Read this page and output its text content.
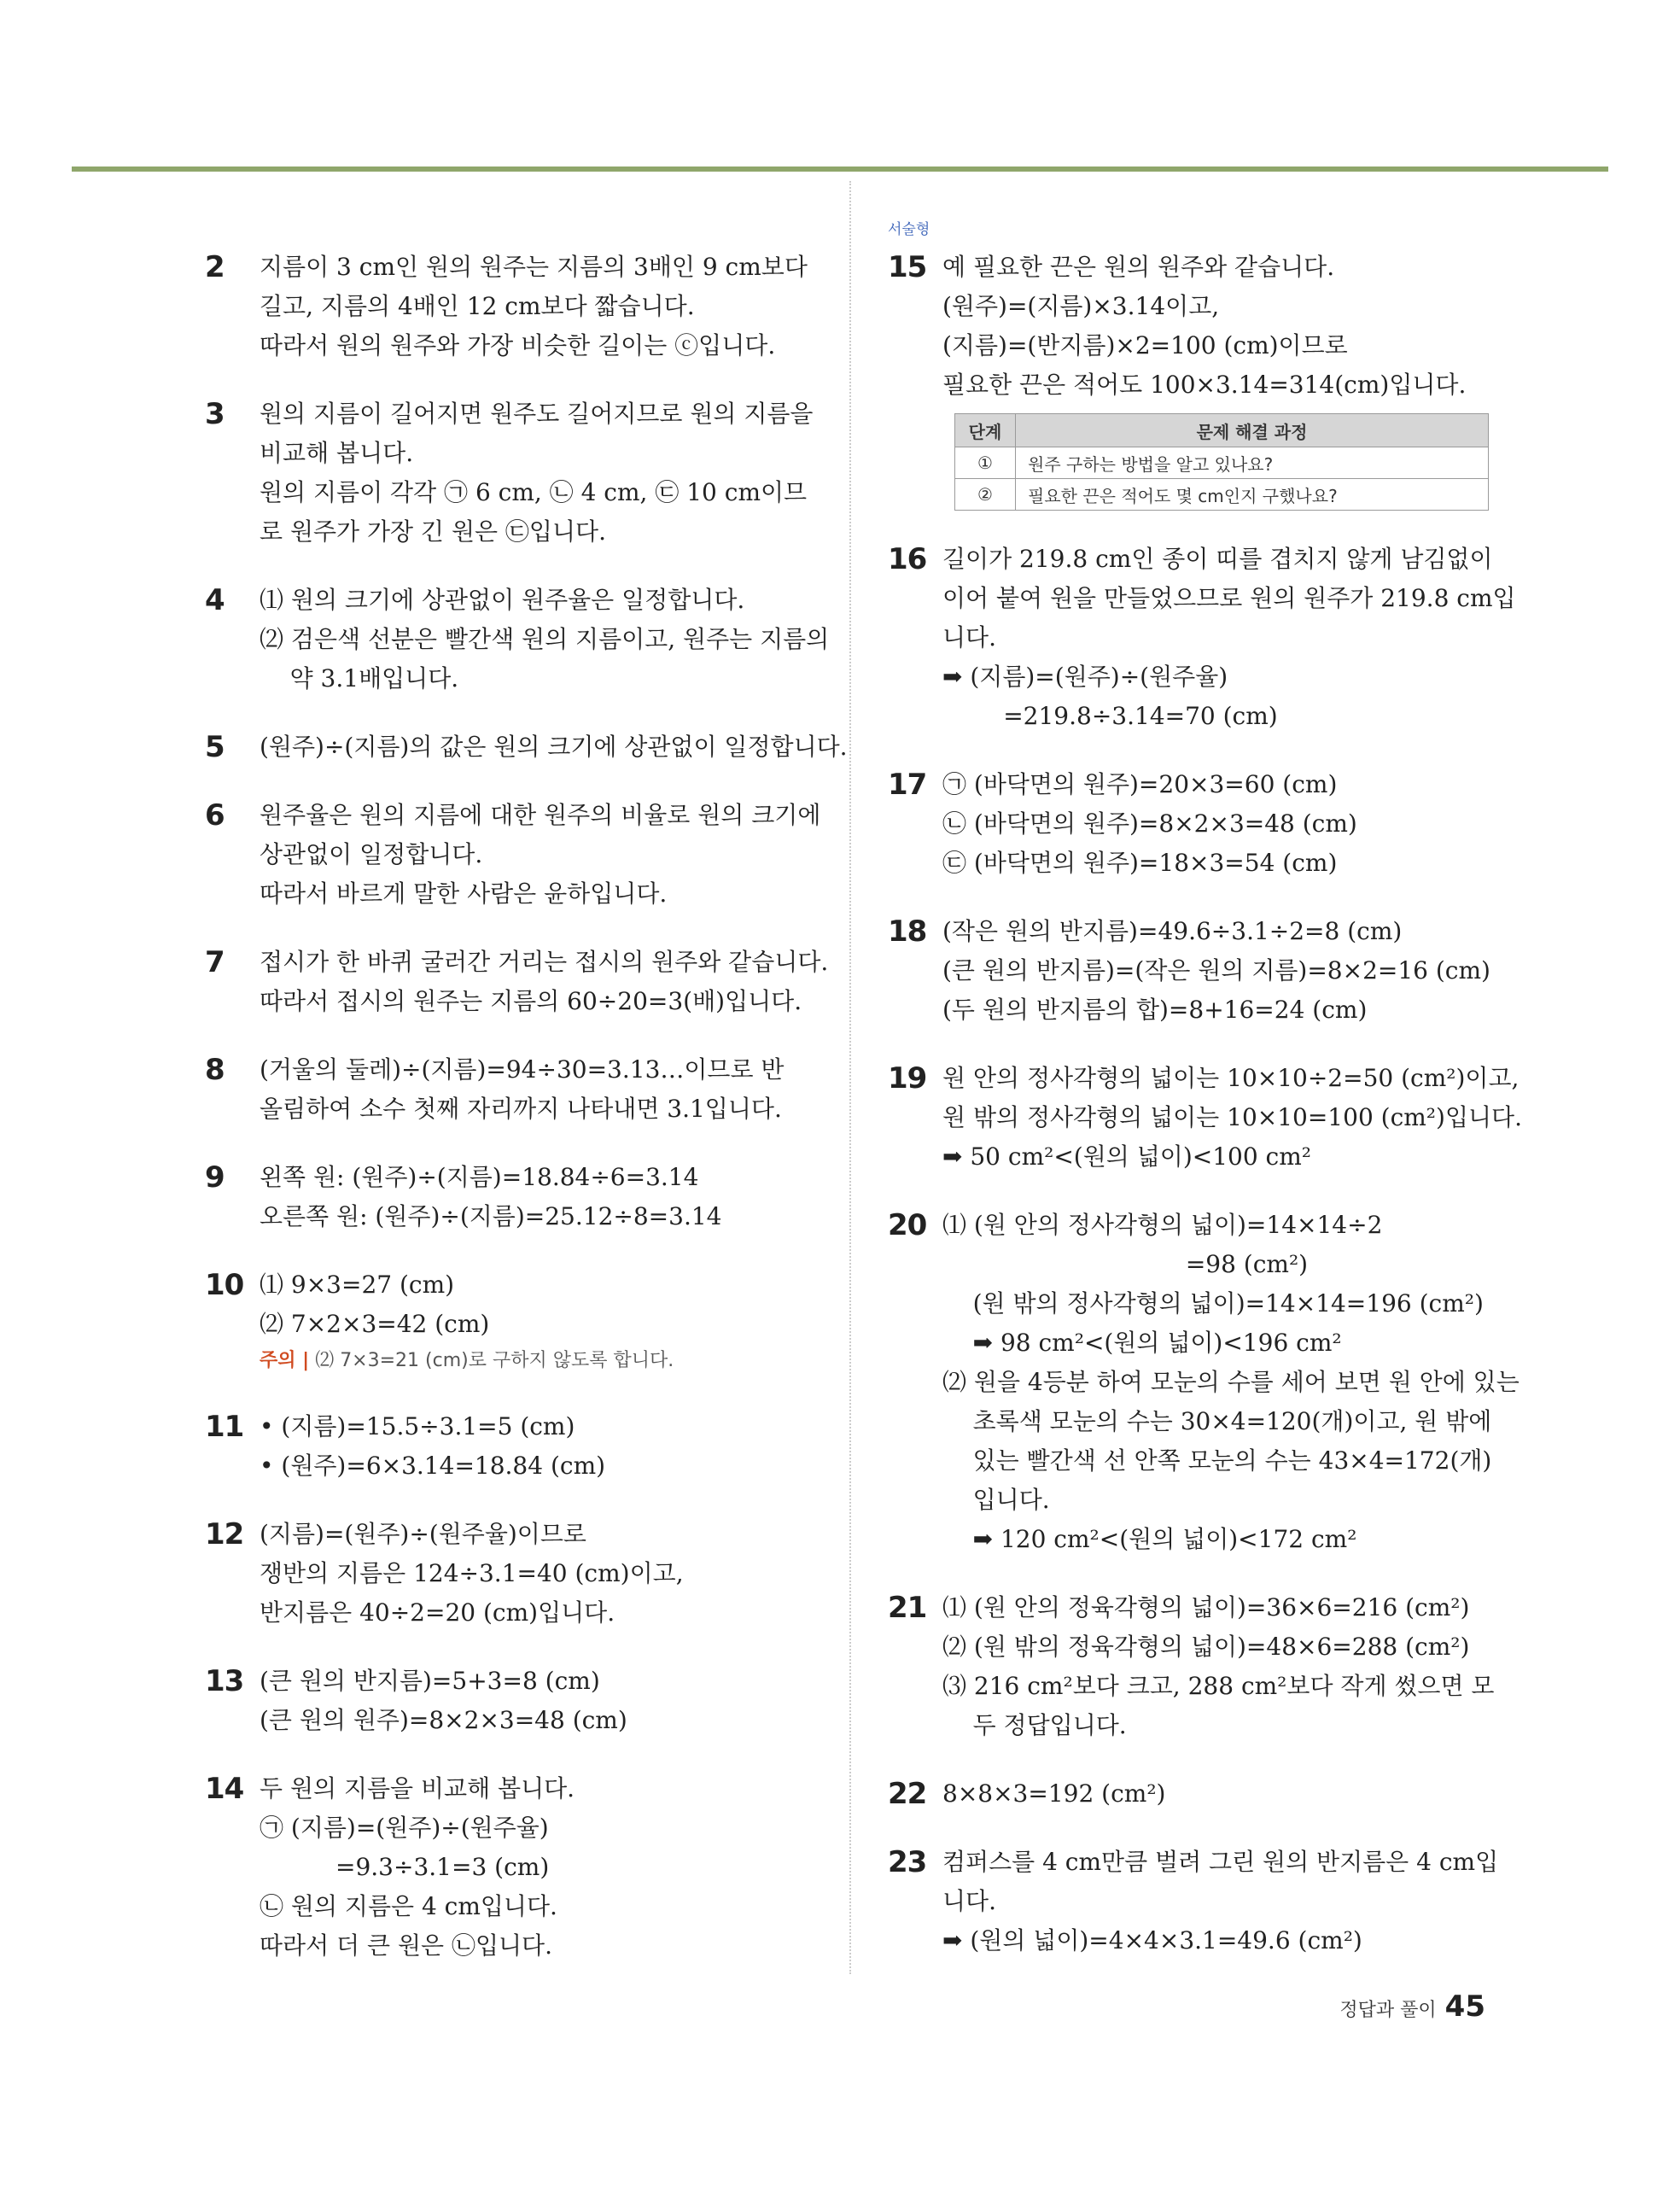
2	지름이 3 cm인 원의 원주는 지름의 3배인 9 cm보다
길고, 지름의 4배인 12 cm보다 짧습니다.
따라서 원의 원주와 가장 비슷한 길이는 ⓒ입니다.
3	원의 지름이 길어지면 원주도 길어지므로 원의 지름을
비교해 봅니다.
원의 지름이 각각 ㉠ 6 cm, ㉡ 4 cm, ㉢ 10 cm이므
로 원주가 가장 긴 원은 ㉢입니다.
4	⑴ 원의 크기에 상관없이 원주율은 일정합니다.
⑵ 검은색 선분은 빨간색 원의 지름이고, 원주는 지름의
약 3.1배입니다.
5	(원주)÷(지름)의 값은 원의 크기에 상관없이 일정합니다.
6	원주율은 원의 지름에 대한 원주의 비율로 원의 크기에
상관없이 일정합니다.
따라서 바르게 말한 사람은 윤하입니다.
7	접시가 한 바퀴 굴러간 거리는 접시의 원주와 같습니다.
따라서 접시의 원주는 지름의 60÷20=3(배)입니다.
8	(거울의 둘레)÷(지름)=94÷30=3.13…이므로 반
올림하여 소수 첫째 자리까지 나타내면 3.1입니다.
9	왼쪽 원: (원주)÷(지름)=18.84÷6=3.14
오른쪽 원: (원주)÷(지름)=25.12÷8=3.14
10 ⑴ 9×3=27 (cm)
⑵ 7×2×3=42 (cm)
주의 | ⑵ 7×3=21 (cm)로 구하지 않도록 합니다.
11 • (지름)=15.5÷3.1=5 (cm)
• (원주)=6×3.14=18.84 (cm)
12 (지름)=(원주)÷(원주율)이므로
쟁반의 지름은 124÷3.1=40 (cm)이고,
반지름은 40÷2=20 (cm)입니다.
13 (큰 원의 반지름)=5+3=8 (cm)
(큰 원의 원주)=8×2×3=48 (cm)
14 두 원의 지름을 비교해 봅니다.
㉠ (지름)=(원주)÷(원주율)
=9.3÷3.1=3 (cm)
㉡ 원의 지름은 4 cm입니다.
따라서 더 큰 원은 ㉡입니다.
서술형
15 예 필요한 끈은 원의 원주와 같습니다.
(원주)=(지름)×3.14이고,
(지름)=(반지름)×2=100 (cm)이므로
필요한 끈은 적어도 100×3.14=314(cm)입니다.
단계	문제 해결 과정
①	원주 구하는 방법을 알고 있나요?
②	필요한 끈은 적어도 몇 cm인지 구했나요?
16 길이가 219.8 cm인 종이 띠를 겹치지 않게 남김없이
이어 붙여 원을 만들었으므로 원의 원주가 219.8 cm입
니다.
➡ (지름)=(원주)÷(원주율)
=219.8÷3.14=70 (cm)
17 ㉠ (바닥면의 원주)=20×3=60 (cm)
㉡ (바닥면의 원주)=8×2×3=48 (cm)
㉢ (바닥면의 원주)=18×3=54 (cm)
18 (작은 원의 반지름)=49.6÷3.1÷2=8 (cm)
(큰 원의 반지름)=(작은 원의 지름)=8×2=16 (cm)
(두 원의 반지름의 합)=8+16=24 (cm)
19 원 안의 정사각형의 넓이는 10×10÷2=50 (cm²)이고,
원 밖의 정사각형의 넓이는 10×10=100 (cm²)입니다.
➡ 50 cm²<(원의 넓이)<100 cm²
20 ⑴ (원 안의 정사각형의 넓이)=14×14÷2
=98 (cm²)
(원 밖의 정사각형의 넓이)=14×14=196 (cm²)
➡ 98 cm²<(원의 넓이)<196 cm²
⑵ 원을 4등분 하여 모눈의 수를 세어 보면 원 안에 있는
초록색 모눈의 수는 30×4=120(개)이고, 원 밖에
있는 빨간색 선 안쪽 모눈의 수는 43×4=172(개)
입니다.
➡ 120 cm²<(원의 넓이)<172 cm²
21 ⑴ (원 안의 정육각형의 넓이)=36×6=216 (cm²)
⑵ (원 밖의 정육각형의 넓이)=48×6=288 (cm²)
⑶ 216 cm²보다 크고, 288 cm²보다 작게 썼으면 모
두 정답입니다.
22 8×8×3=192 (cm²)
23 컴퍼스를 4 cm만큼 벌려 그린 원의 반지름은 4 cm입
니다.
➡ (원의 넓이)=4×4×3.1=49.6 (cm²)
정답과 풀이 45
